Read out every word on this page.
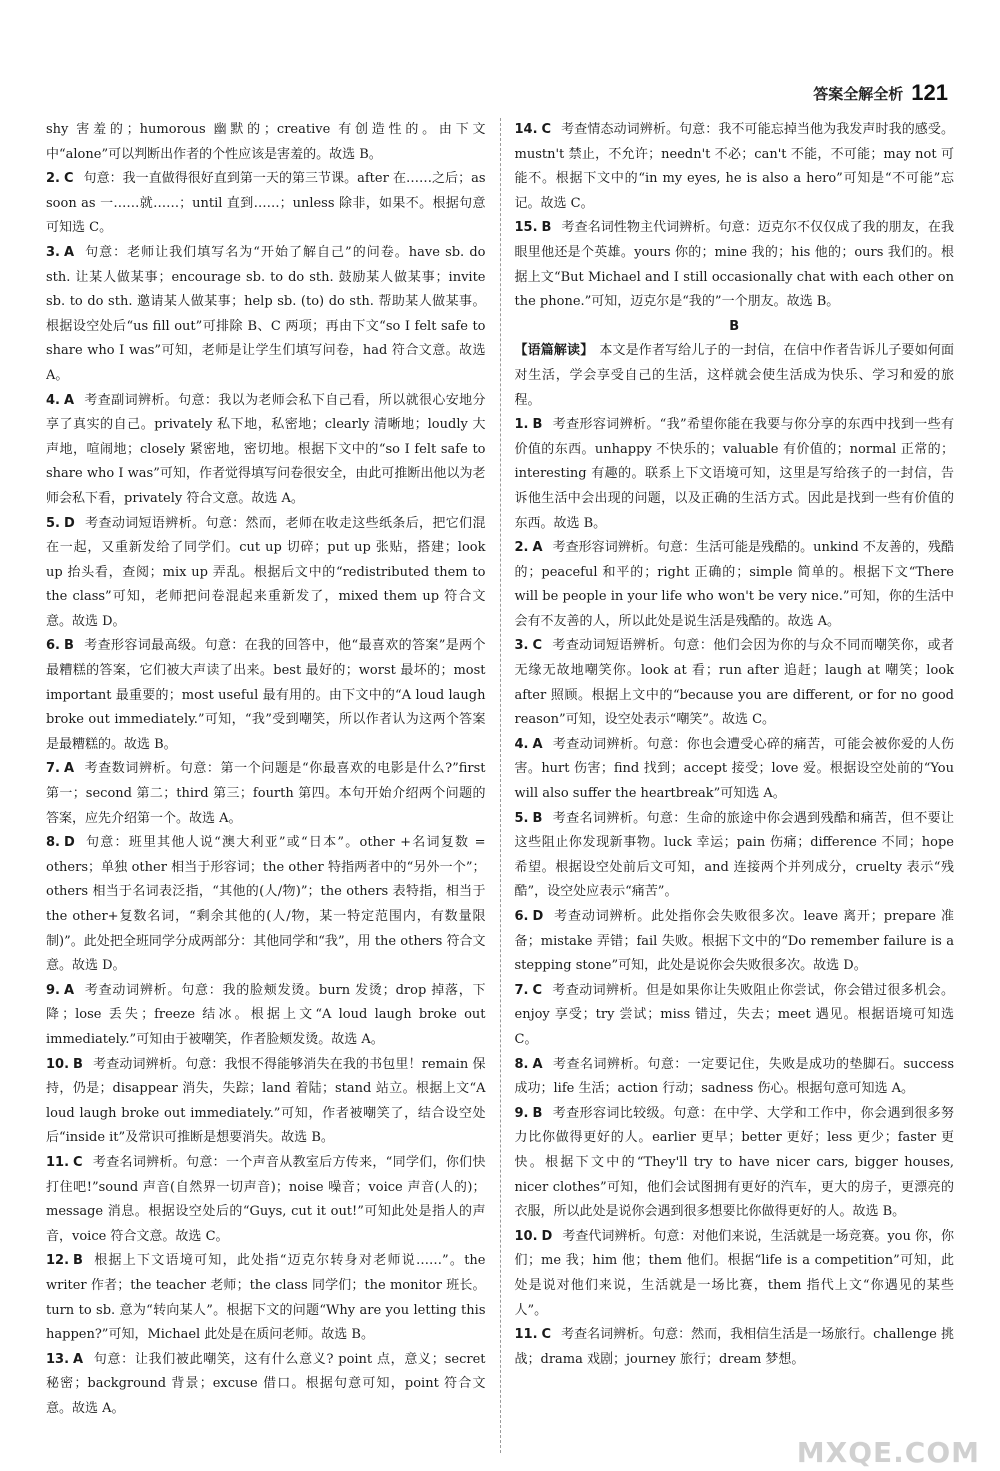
答案全解全析 121

shy 害羞的；humorous 幽默的；creative 有创造性的。由下文中“alone”可以判断出作者的个性应该是害羞的。故选 B。

2. C 句意：我一直做得很好直到第一天的第三节课。after 在……之后；as soon as 一……就……；until 直到……；unless 除非，如果不。根据句意可知选 C。

3. A 句意：老师让我们填写名为“开始了解自己”的问卷。have sb. do sth. 让某人做某事；encourage sb. to do sth. 鼓励某人做某事；invite sb. to do sth. 邀请某人做某事；help sb. (to) do sth. 帮助某人做某事。根据设空处后“us fill out”可排除 B、C 两项；再由下文“so I felt safe to share who I was”可知，老师是让学生们填写问卷，had 符合文意。故选 A。

4. A 考查副词辨析。句意：我以为老师会私下自己看，所以就很心安地分享了真实的自己。privately 私下地，私密地；clearly 清晰地；loudly 大声地，喧闹地；closely 紧密地，密切地。根据下文中的“so I felt safe to share who I was”可知，作者觉得填写问卷很安全，由此可推断出他以为老师会私下看，privately 符合文意。故选 A。

5. D 考查动词短语辨析。句意：然而，老师在收走这些纸条后，把它们混在一起，又重新发给了同学们。cut up 切碎；put up 张贴，搭建；look up 抬头看，查阅；mix up 弄乱。根据后文中的“redistributed them to the class”可知，老师把问卷混起来重新发了，mixed them up 符合文意。故选 D。

6. B 考查形容词最高级。句意：在我的回答中，他“最喜欢的答案”是两个最糟糕的答案，它们被大声读了出来。best 最好的；worst 最坏的；most important 最重要的；most useful 最有用的。由下文中的“A loud laugh broke out immediately.”可知，“我”受到嘲笑，所以作者认为这两个答案是最糟糕的。故选 B。

7. A 考查数词辨析。句意：第一个问题是“你最喜欢的电影是什么?”first 第一；second 第二；third 第三；fourth 第四。本句开始介绍两个问题的答案，应先介绍第一个。故选 A。

8. D 句意：班里其他人说“澳大利亚”或“日本”。other +名词复数 = others；单独 other 相当于形容词；the other 特指两者中的“另外一个”；others 相当于名词表泛指，“其他的(人/物)”；the others 表特指，相当于 the other+复数名词，“剩余其他的(人/物，某一特定范围内，有数量限制)”。此处把全班同学分成两部分：其他同学和“我”，用 the others 符合文意。故选 D。

9. A 考查动词辨析。句意：我的脸颊发烫。burn 发烫；drop 掉落，下降；lose 丢失；freeze 结冰。根据上文“A loud laugh broke out immediately.”可知由于被嘲笑，作者脸颊发烫。故选 A。

10. B 考查动词辨析。句意：我恨不得能够消失在我的书包里！remain 保持，仍是；disappear 消失，失踪；land 着陆；stand 站立。根据上文“A loud laugh broke out immediately.”可知，作者被嘲笑了，结合设空处后“inside it”及常识可推断是想要消失。故选 B。

11. C 考查名词辨析。句意：一个声音从教室后方传来，“同学们，你们快打住吧!”sound 声音(自然界一切声音)；noise 噪音；voice 声音(人的)；message 消息。根据设空处后的“Guys, cut it out!”可知此处是指人的声音，voice 符合文意。故选 C。

12. B 根据上下文语境可知，此处指“迈克尔转身对老师说……”。the writer 作者；the teacher 老师；the class 同学们；the monitor 班长。turn to sb. 意为“转向某人”。根据下文的问题“Why are you letting this happen?”可知，Michael 此处是在质问老师。故选 B。

13. A 句意：让我们被此嘲笑，这有什么意义? point 点，意义；secret 秘密；background 背景；excuse 借口。根据句意可知，point 符合文意。故选 A。

14. C 考查情态动词辨析。句意：我不可能忘掉当他为我发声时我的感受。mustn't 禁止，不允许；needn't 不必；can't 不能，不可能；may not 可能不。根据下文中的“in my eyes, he is also a hero”可知是“不可能”忘记。故选 C。

15. B 考查名词性物主代词辨析。句意：迈克尔不仅仅成了我的朋友，在我眼里他还是个英雄。yours 你的；mine 我的；his 他的；ours 我们的。根据上文“But Michael and I still occasionally chat with each other on the phone.”可知，迈克尔是“我的”一个朋友。故选 B。

B

【语篇解读】 本文是作者写给儿子的一封信，在信中作者告诉儿子要如何面对生活，学会享受自己的生活，这样就会使生活成为快乐、学习和爱的旅程。

1. B 考查形容词辨析。“我”希望你能在我要与你分享的东西中找到一些有价值的东西。unhappy 不快乐的；valuable 有价值的；normal 正常的；interesting 有趣的。联系上下文语境可知，这里是写给孩子的一封信，告诉他生活中会出现的问题，以及正确的生活方式。因此是找到一些有价值的东西。故选 B。

2. A 考查形容词辨析。句意：生活可能是残酷的。unkind 不友善的，残酷的；peaceful 和平的；right 正确的；simple 简单的。根据下文“There will be people in your life who won't be very nice.”可知，你的生活中会有不友善的人，所以此处是说生活是残酷的。故选 A。

3. C 考查动词短语辨析。句意：他们会因为你的与众不同而嘲笑你，或者无缘无故地嘲笑你。look at 看；run after 追赶；laugh at 嘲笑；look after 照顾。根据上文中的“because you are different, or for no good reason”可知，设空处表示“嘲笑”。故选 C。

4. A 考查动词辨析。句意：你也会遭受心碎的痛苦，可能会被你爱的人伤害。hurt 伤害；find 找到；accept 接受；love 爱。根据设空处前的“You will also suffer the heartbreak”可知选 A。

5. B 考查名词辨析。句意：生命的旅途中你会遇到残酷和痛苦，但不要让这些阻止你发现新事物。luck 幸运；pain 伤痛；difference 不同；hope 希望。根据设空处前后文可知，and 连接两个并列成分，cruelty 表示“残酷”，设空处应表示“痛苦”。

6. D 考查动词辨析。此处指你会失败很多次。leave 离开；prepare 准备；mistake 弄错；fail 失败。根据下文中的“Do remember failure is a stepping stone”可知，此处是说你会失败很多次。故选 D。

7. C 考查动词辨析。但是如果你让失败阻止你尝试，你会错过很多机会。enjoy 享受；try 尝试；miss 错过，失去；meet 遇见。根据语境可知选 C。

8. A 考查名词辨析。句意：一定要记住，失败是成功的垫脚石。success 成功；life 生活；action 行动；sadness 伤心。根据句意可知选 A。

9. B 考查形容词比较级。句意：在中学、大学和工作中，你会遇到很多努力比你做得更好的人。earlier 更早；better 更好；less 更少；faster 更快。根据下文中的“They'll try to have nicer cars, bigger houses, nicer clothes”可知，他们会试图拥有更好的汽车，更大的房子，更漂亮的衣服，所以此处是说你会遇到很多想要比你做得更好的人。故选 B。

10. D 考查代词辨析。句意：对他们来说，生活就是一场竞赛。you 你，你们；me 我；him 他；them 他们。根据“life is a competition”可知，此处是说对他们来说，生活就是一场比赛，them 指代上文“你遇见的某些人”。

11. C 考查名词辨析。句意：然而，我相信生活是一场旅行。challenge 挑战；drama 戏剧；journey 旅行；dream 梦想。

MXQE.COM
